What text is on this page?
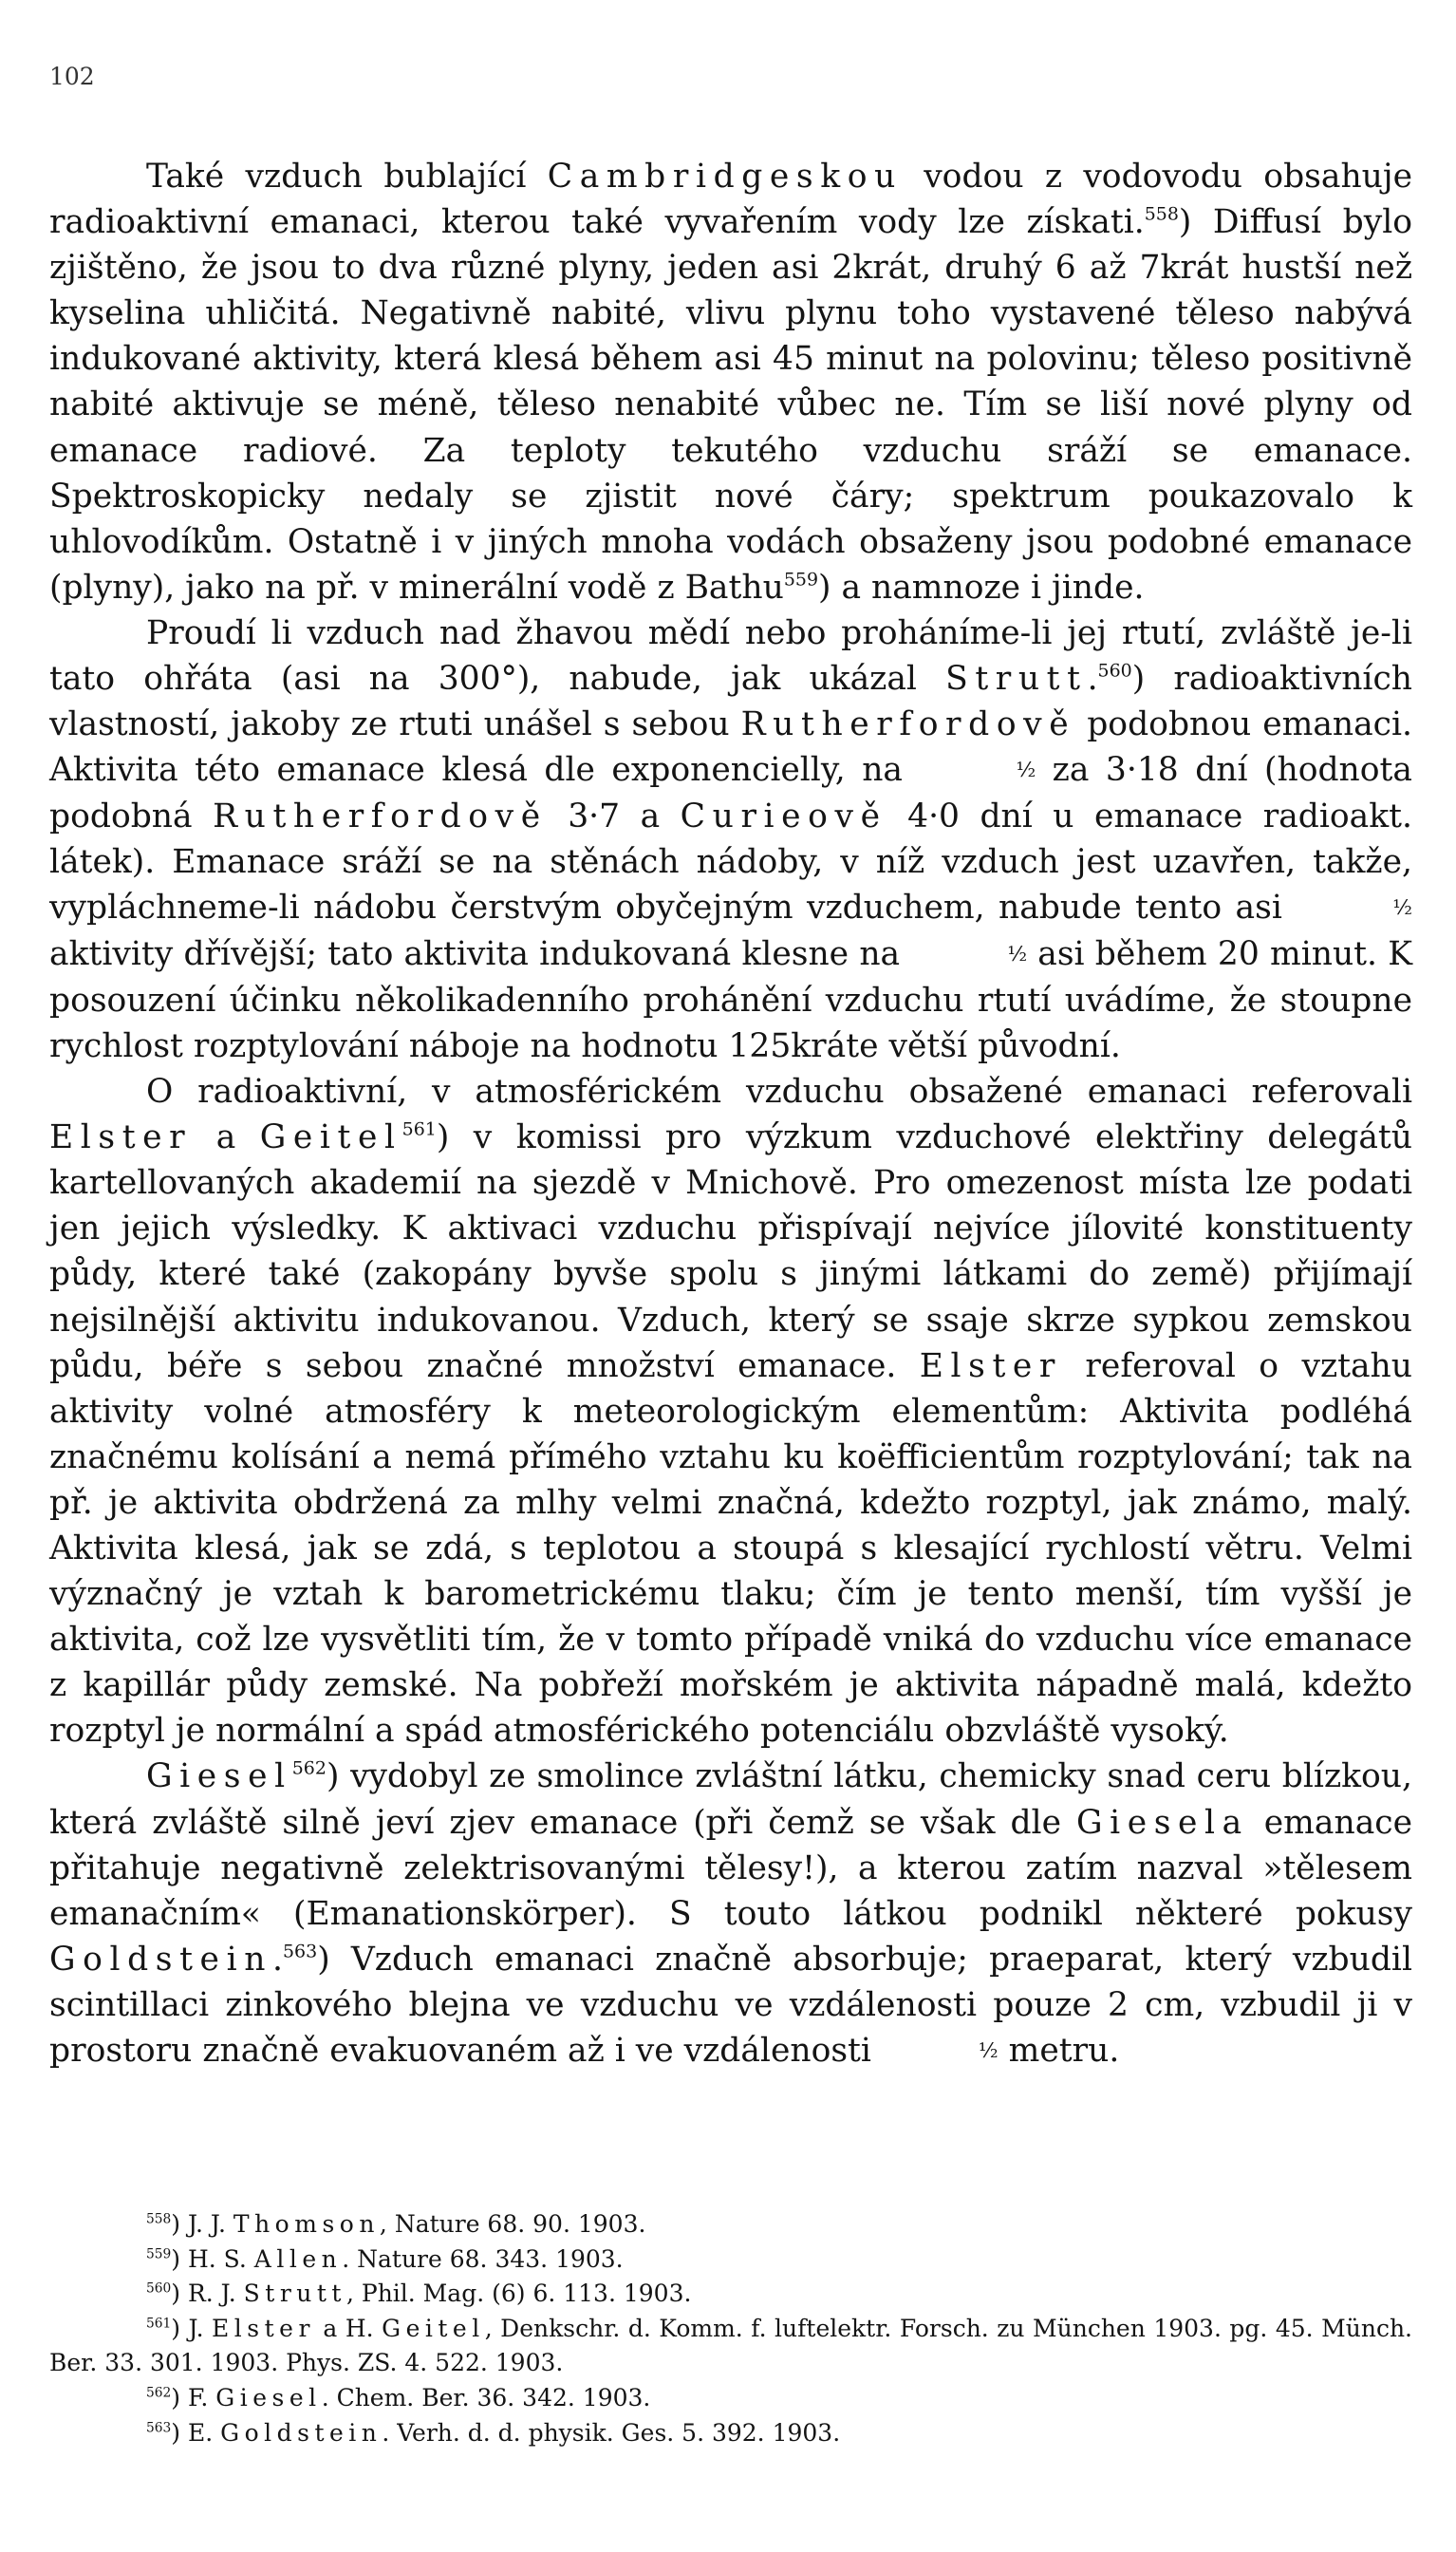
102

Také vzduch bublající Cambridgeskou vodou z vodovodu obsahuje radioaktivní emanaci, kterou také vyvařením vody lze získati.$^{558}$) Diffusí bylo zjištěno, že jsou to dva různé plyny, jeden asi 2krát, druhý 6 až 7krát hustší než kyselina uhličitá. Negativně nabité, vlivu plynu toho vystavené těleso nabývá indukované aktivity, která klesá během asi 45 minut na polovinu; těleso positivně nabité aktivuje se méně, těleso nenabité vůbec ne. Tím se liší nové plyny od emanace radiové. Za teploty tekutého vzduchu sráží se emanace. Spektroskopicky nedaly se zjistit nové čáry; spektrum poukazovalo k uhlovodíkům. Ostatně i v jiných mnoha vodách obsaženy jsou podobné emanace (plyny), jako na př. v minerální vodě z Bathu$^{559}$) a namnoze i jinde.

Proudí li vzduch nad žhavou mědí nebo proháníme-li jej rtutí, zvláště je-li tato ohřáta (asi na 300°), nabude, jak ukázal Strutt.$^{560}$) radioaktivních vlastností, jakoby ze rtuti unášel s sebou Rutherfordově podobnou emanaci. Aktivita této emanace klesá dle exponencielly, na	½ za 3·18 dní (hodnota podobná Rutherfordově 3·7 a Curieově 4·0 dní u emanace radioakt. látek). Emanace sráží se na stěnách nádoby, v níž vzduch jest uzavřen, takže, vypláchneme-li nádobu čerstvým obyčejným vzduchem, nabude tento asi	½ aktivity dřívější; tato aktivita indukovaná klesne na	½ asi během 20 minut. K posouzení účinku několikadenního prohánění vzduchu rtutí uvádíme, že stoupne rychlost rozptylování náboje na hodnotu 125kráte větší původní.

O radioaktivní, v atmosférickém vzduchu obsažené emanaci referovali Elster a Geitel$^{561}$) v komissi pro výzkum vzduchové elektřiny delegátů kartellovaných akademií na sjezdě v Mnichově. Pro omezenost místa lze podati jen jejich výsledky. K aktivaci vzduchu přispívají nejvíce jílovité konstituenty půdy, které také (zakopány byvše spolu s jinými látkami do země) přijímají nejsilnější aktivitu indukovanou. Vzduch, který se ssaje skrze sypkou zemskou půdu, béře s sebou značné množství emanace. Elster referoval o vztahu aktivity volné atmosféry k meteorologickým elementům: Aktivita podléhá značnému kolísání a nemá přímého vztahu ku koëfficientům rozptylování; tak na př. je aktivita obdržená za mlhy velmi značná, kdežto rozptyl, jak známo, malý. Aktivita klesá, jak se zdá, s teplotou a stoupá s klesající rychlostí větru. Velmi význačný je vztah k barometrickému tlaku; čím je tento menší, tím vyšší je aktivita, což lze vysvětliti tím, že v tomto případě vniká do vzduchu více emanace z kapillár půdy zemské. Na pobřeží mořském je aktivita nápadně malá, kdežto rozptyl je normální a spád atmosférického potenciálu obzvláště vysoký.

Giesel$^{562}$) vydobyl ze smolince zvláštní látku, chemicky snad ceru blízkou, která zvláště silně jeví zjev emanace (při čemž se však dle Giesela emanace přitahuje negativně zelektrisovanými tělesy!), a kterou zatím nazval »tělesem emanačním« (Emanationskörper). S touto látkou podnikl některé pokusy Goldstein.$^{563}$) Vzduch emanaci značně absorbuje; praeparat, který vzbudil scintillaci zinkového blejna ve vzduchu ve vzdálenosti pouze 2 cm, vzbudil ji v prostoru značně evakuovaném až i ve vzdálenosti	½ metru.

$^{558}$) J. J. Thomson, Nature 68. 90. 1903.

$^{559}$) H. S. Allen. Nature 68. 343. 1903.

$^{560}$) R. J. Strutt, Phil. Mag. (6) 6. 113. 1903.

$^{561}$) J. Elster a H. Geitel, Denkschr. d. Komm. f. luftelektr. Forsch. zu München 1903. pg. 45. Münch. Ber. 33. 301. 1903. Phys. ZS. 4. 522. 1903.

$^{562}$) F. Giesel. Chem. Ber. 36. 342. 1903.

$^{563}$) E. Goldstein. Verh. d. d. physik. Ges. 5. 392. 1903.
